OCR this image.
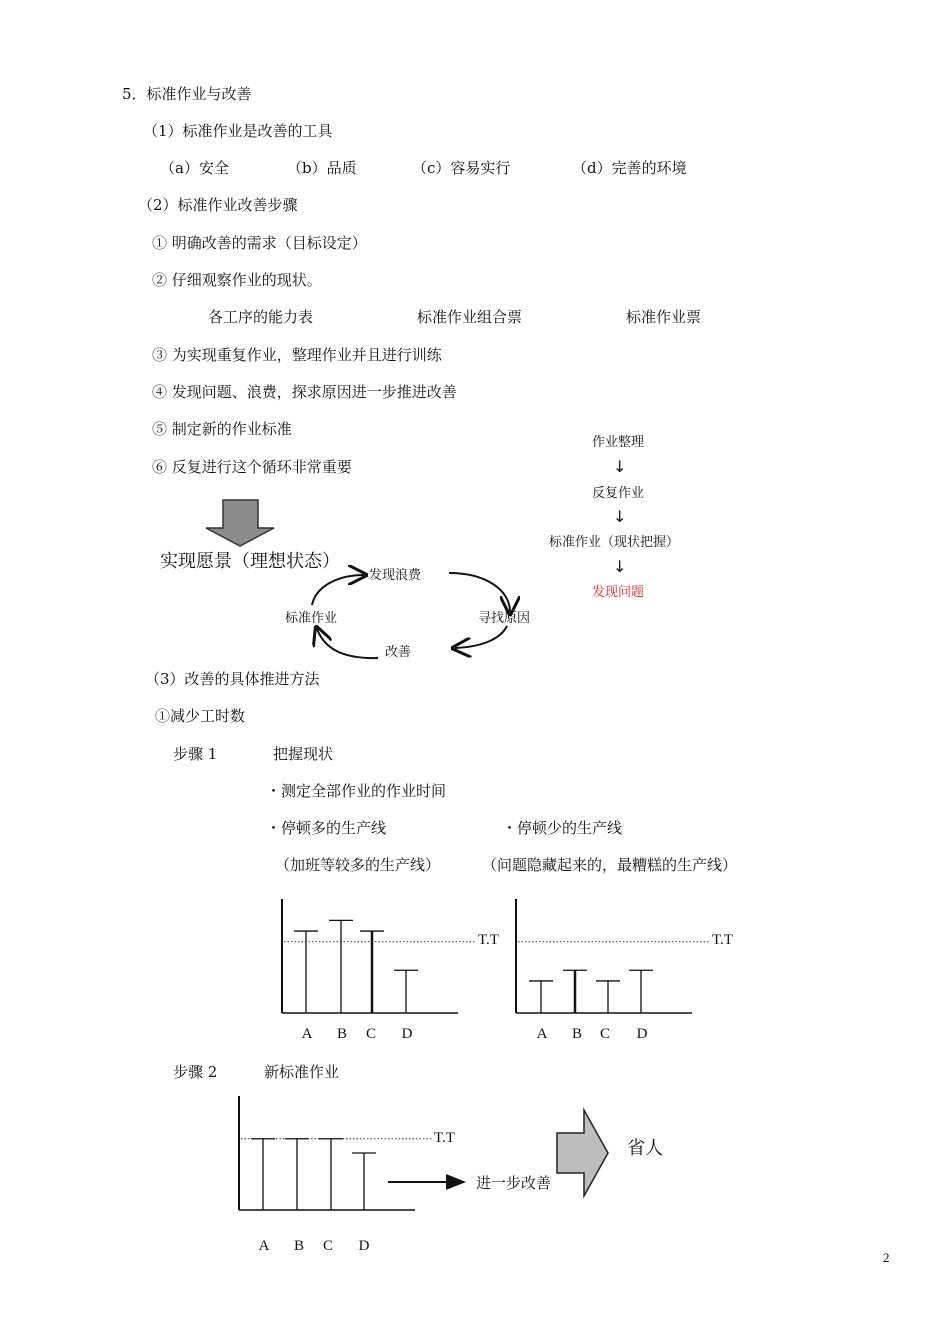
5．标准作业与改善
（1）标准作业是改善的工具
（a）安全	（b）品质	（c）容易实行	（d）完善的环境
（2）标准作业改善步骤
① 明确改善的需求（目标设定）
② 仔细观察作业的现状。
各工序的能力表	标准作业组合票	标准作业票
③ 为实现重复作业，整理作业并且进行训练
④ 发现问题、浪费，探求原因进一步推进改善
⑤ 制定新的作业标准
⑥ 反复进行这个循环非常重要
作业整理
↓
反复作业
↓
标准作业（现状把握）
↓
发现问题
实现愿景（理想状态）
发现浪费
寻找原因
改善
标准作业
（3）改善的具体推进方法
①减少工时数
步骤 1	把握现状
・测定全部作业的作业时间
・停顿多的生产线	・停顿少的生产线
（加班等较多的生产线）	（问题隐藏起来的，最糟糕的生产线）
T.T
A B C D
T.T
A B C D
T.T
A B C D
步骤 2	新标准作业
进一步改善
省人
2
